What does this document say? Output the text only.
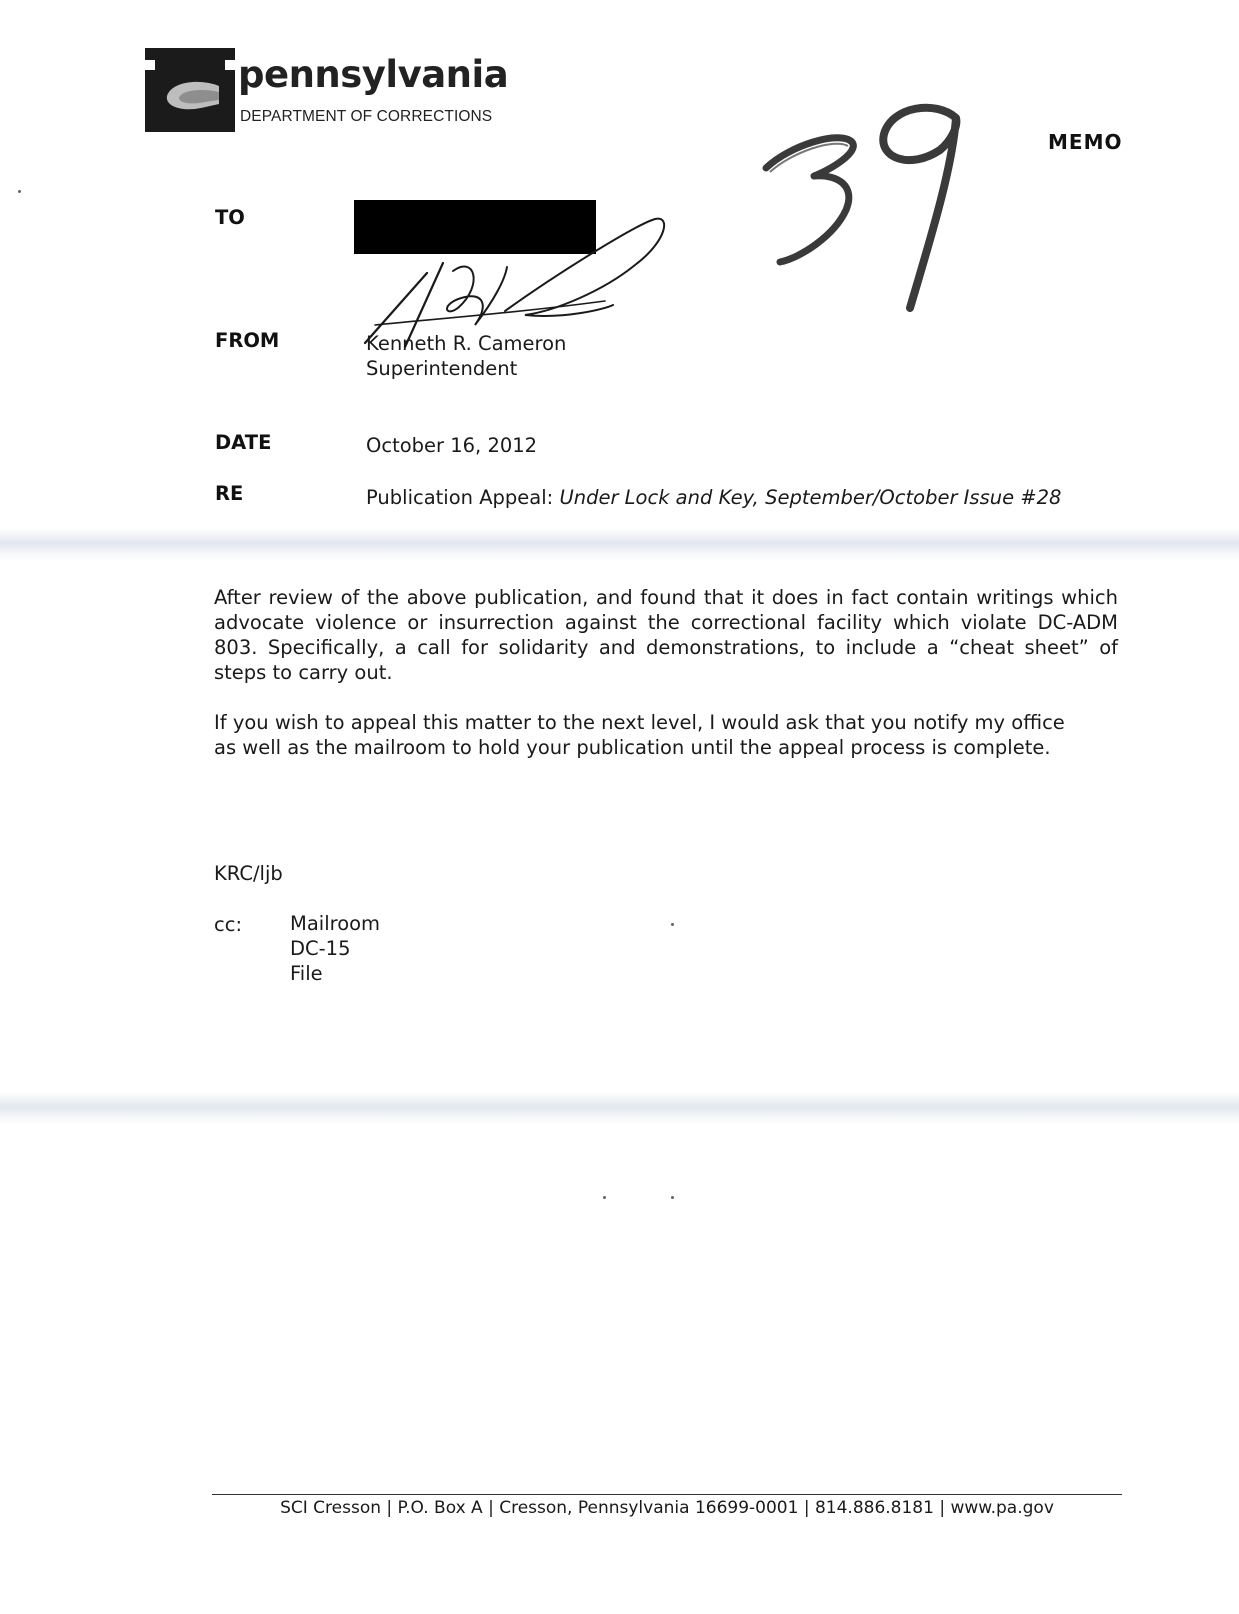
pennsylvania
DEPARTMENT OF CORRECTIONS
MEMO
TO
FROM	Kenneth R. Cameron
Superintendent
DATE	October 16, 2012
RE	Publication Appeal: Under Lock and Key, September/October Issue #28
After review of the above publication, and found that it does in fact contain writings which advocate violence or insurrection against the correctional facility which violate DC-ADM 803. Specifically, a call for solidarity and demonstrations, to include a “cheat sheet” of steps to carry out.
If you wish to appeal this matter to the next level, I would ask that you notify my office as well as the mailroom to hold your publication until the appeal process is complete.
KRC/ljb
cc: Mailroom
DC-15
File
SCI Cresson | P.O. Box A | Cresson, Pennsylvania 16699-0001 | 814.886.8181 | www.pa.gov
